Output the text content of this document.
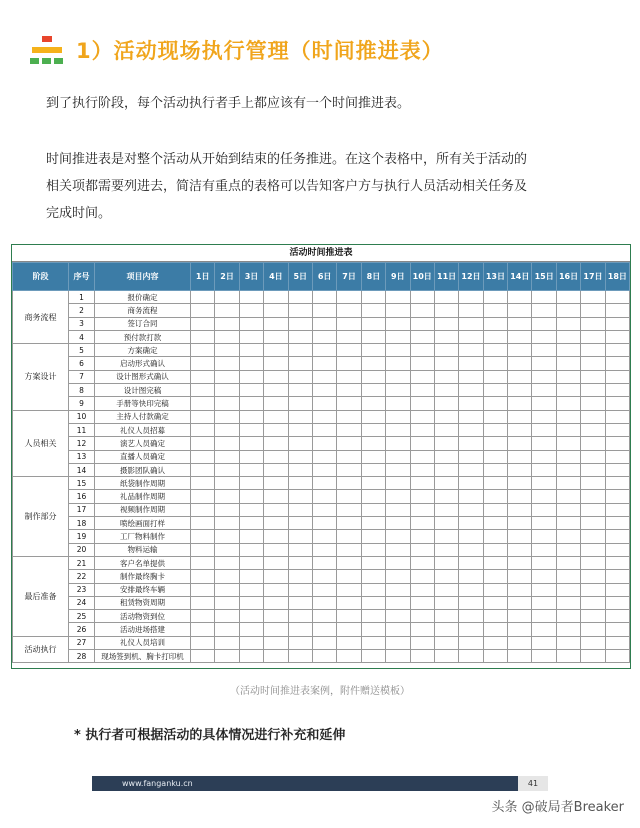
1）活动现场执行管理（时间推进表）
到了执行阶段，每个活动执行者手上都应该有一个时间推进表。
时间推进表是对整个活动从开始到结束的任务推进。在这个表格中，所有关于活动的
相关项都需要列进去，简洁有重点的表格可以告知客户方与执行人员活动相关任务及
完成时间。
活动时间推进表
阶段	序号	项目内容	1日	2日	3日	4日	5日	6日	7日	8日	9日	10日	11日	12日	13日	14日	15日	16日	17日	18日
商务流程	1	报价确定																		
	2	商务流程																		
	3	签订合同																		
	4	预付款打款																		
方案设计	5	方案确定																		
	6	启动形式确认																		
	7	设计图形式确认																		
	8	设计图完稿																		
	9	手册等快印完稿																		
人员相关	10	主持人付款确定																		
	11	礼仪人员招募																		
	12	演艺人员确定																		
	13	直播人员确定																		
	14	摄影团队确认																		
制作部分	15	纸袋制作周期																		
	16	礼品制作周期																		
	17	视频制作周期																		
	18	喷绘画面打样																		
	19	工厂物料制作																		
	20	物料运输																		
最后准备	21	客户名单提供																		
	22	制作最终胸卡																		
	23	安排最终车辆																		
	24	租赁物资周期																		
	25	活动物资到位																		
	26	活动进场搭建																		
活动执行	27	礼仪人员培训																		
	28	现场签到机、胸卡打印机																		
（活动时间推进表案例，附件赠送模板）
* 执行者可根据活动的具体情况进行补充和延伸
www.fanganku.cn	41
头条 @破局者Breaker
